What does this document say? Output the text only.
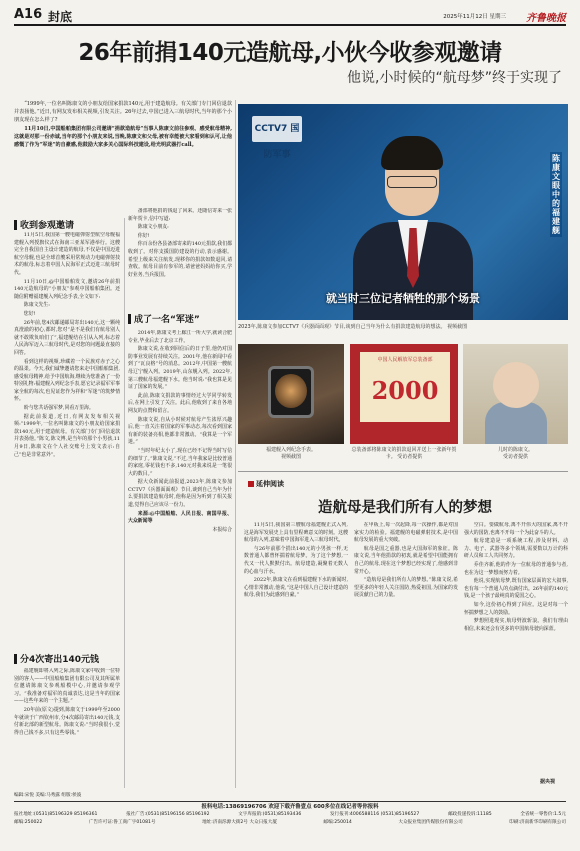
A16 封底	2025年11月12日 星期三 齐鲁晚报
26年前捐140元造航母,小伙今收参观邀请
他说,小时候的“航母梦”终于实现了

“1999年,一位名叫陈康文的小朋友给国家捐款140元,用于建造航母。有关部门专门回信退款并表扬他。”近日,有网友发布相关视频,引发关注。26年过去,中国已进入三航母时代,当年的那个小朋友现在怎么样了?

11月10日,中国船舶集团有限公司邀请“捐款造航母”当事人陈康文前往参观、感受航母精神,这就是对那一份赤诚,当年的那个小朋友来说,当晚,陈康文和父母,被有幸能被大家看到和认可,让他感慨了作为“军迷”的自豪感,他鼓励大家多关心国际科技建设,给光明武器打call。

收到参观邀请

11月5日,我国第一艘电磁弹射型航空母舰福建舰入列授旗仪式在海南三亚某军港举行。这艘完全自我国自主设计建造的航母,不仅是中国迈进航空母舰,也是全球首艘采用常规动力电磁弹射技术的航母,标志着中国人民海军正式迈进三航母时代。

11月10日,@中国船舶发文,邀请26年前捐140元造航母的“小朋友”参观中国船舶集团。还随信附赠福建舰入列纪念手表,全文如下:

陈康文先生:

您好!

26年前,您4次邮递邮局寄出140元,这一颗纯真澄澈的初心,都时,您对“是不是我们有航母别人就不敢欺负咱们了”,福建舰结在引从入列,标志着人民海军迈入三航母时代,是对您的问题最直接的回答。

看到这样的视频,珍藏着一个民族对赤子之心的温柔。今天,我们诚挚邀请您来走中国船舶集团,感受航母精神,给予中国航海,继续为您准备了一份特别礼物:福建舰入列纪念手表,愿它记录福军军事家全航的每次,也见证您作为祥和“军迷”的筑梦情怀。

盼与您共话强军梦,同看万里海。

据此前报道,近日,有网友发布相关视频:“1999年,一位名叫陈康文的小朋友给国家捐款140元,用于建造航母。有关部门专门回信退款并表扬他。”陈文,陈文博,是当年的那个小男孩,11月9日,陈康文在个人社交账号上发文表示:自己“也是非常意外”。

分4次寄出140元钱

福建舰即将入列之际,陈康文家中收到一位特别的客人——中国船舶集团有限公司及其所属单位邀请陈康文参观船模中心,并邀请参观学习。“我准备对福军的真诚表达,这是当年的国家——这些年来的一个主题。”

20年前(原文)提到,陈康文于1999年至2000年就读于广西钦州市,分4次邮局寄出140元钱,支付新北部的新型航母。陈康文说:“当时我很小,觉得自己钱不多,只有这些零钱。”

备部将他捐的钱退了回来。还随信寄来一张新年贺卡,信中写道:

陈康文小朋友:

你好!

你百余份各县备部寄来的140元捐款,我们都收到了。对你支援国防建设的行动,表示感谢。希望上级来关注航发,现移你的捐款如数退回,请查收。航母目前有参军的,请爸爸妈妈给你买,学好业务,当兵报国。

成了一名“军迷”

2014年,陈康文考上廊江一所大学,就读合肥专业,毕业后去了北京工作。

陈康文说,在收到回信后的日子里,他仍对国防事业发展有持续关注。2001年,他在新闻中看到了“瓦良格”号的消息。2012年,中国第一艘航母辽宁舰入列。2019年,山东舰入列。2022年,第三艘航母福建舰下水。他当时说:“我也算是见证了国家的发展。”

此前,陈康文捐款的事情经过大学同学转发后,在网上引发了关注。此后,他收到了来自各地网友的点赞和留言。

陈康文说,自从小时候对航母产生浓厚兴趣后,他一直关注着国家的军事动态,每次看到国家有新的装备亮相,他都非常激动。“我算是一个军迷。”

“当时年纪太小了,现在已经不记得当时写信的细节了。”陈康文说,“不过,当年我家是比较普通的家庭,零花钱也不多,140元对我来说是一笔很大的数目。”

据大众新闻此前报道,2023年,陈康文参加CCTV7《兵器面面观》节目,谈到自己当年为什么要捐款建造航母时,他称是因为听到了相关报道,觉得自己应该尽一份力。

来源:@中国船舶、人民日报、南国早报、大众新闻等

本报综合

CCTV7 国防军事	陈康文眼中的福建舰
就当时三位记者牺牲的那个场景
2023年,陈康文参加CCTV7《兵器面面观》节目,谈到自己当年为什么有捐款建造航母的想法。 视频截图
福建舰入列纪念手表。
视频截图
中国人民解放军总装备部
2000
总装备部将陈康文的捐款退回并送上一张新年贺卡。 受访者提供
儿时的陈康文。
受访者提供
延伸阅读
造航母是我们所有人的梦想

11月5日,我国第三艘航母福建舰正式入列,这是海军发展史上具有里程碑意义的时刻。这艘航母的入列,意味着中国海军进入三航母时代。

与26年前那个捐出140元的小男孩一样,无数普通人都曾怀揣着航母梦。为了这个梦想,一代又一代人默默付出。航母建造,凝聚着无数人的心血与汗水。

2022年,陈康文在看到福建舰下水的新闻时,心情非常激动,他说,“这是中国人自己设计建造的航母,我们为此感到自豪。”

在甲板上,每一次起降,每一次操作,都是对国家实力的检验。福建舰的电磁弹射技术,是中国航母发展的重大突破。

航母是国之重器,也是大国海军的象征。陈康文说,当年他捐款的初衷,就是希望中国能拥有自己的航母,现在这个梦想已经实现了,他感到非常开心。

“造航母是我们所有人的梦想。”陈康文说,希望更多的年轻人关注国防,热爱祖国,为国家的发展贡献自己的力量。

空白。要做航母,离不开伟大的国家,离不开强大的国防,也离不开每一个为此奋斗的人。

航母建造是一项系统工程,涉及材料、动力、电子、武器等多个领域,需要数以万计的科研人员和工人共同努力。

乔佳齐新,他的作为一位航母的普通参与者,也在为这一梦想而努力着。

他说,实现航母梦,既有国家层面的宏大叙事,也有每一个普通人的点滴付出。26年前的140元钱,是一个孩子最纯真的爱国之心。

如今,这份初心得到了回应。这是对每一个怀揣梦想之人的鼓励。

梦想照进现实,航母劈波斩浪。我们有理由相信,未来还会有更多的中国航母驶向深蓝。

据央视
编辑:宋悦 美编:马秀露 组版:侯波
报料电话:13869196706 欢迎下载齐鲁壹点 600多位在线记者等你报料
报社地址:(0531)85196329 85196361	报社广告:(0531)85196156 85196192	文字库报销:(0531)85193436	发行报刊:4006588116 (0531)85196527	邮政投递投诉:11185	全省统一零售价:1.5元
邮编:250022	广告许可证:鲁工商广字01081号	地址:济南泺源大街2号 大众日报大厦	邮编:250014	大众报业集团传媒股份有限公司	印刷:济南新华印刷有限公司
